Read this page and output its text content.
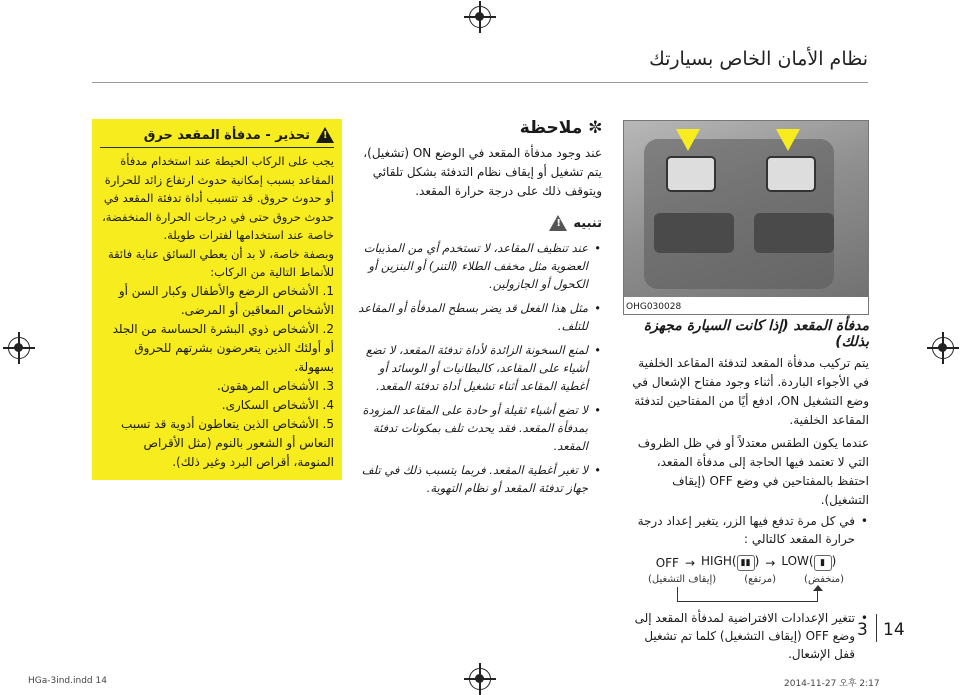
نظام الأمان الخاص بسيارتك
3 14
HGa-3ind.indd 14	2014-11-27 오후 2:17
OHG030028
مدفأة المقعد (إذا كانت السيارة مجهزة بذلك)

يتم تركيب مدفأة المقعد لتدفئة المقاعد الخلفية في الأجواء الباردة. أثناء وجود مفتاح الإشعال في وضع التشغيل ON، ادفع أيًا من المفتاحين لتدفئة المقاعد الخلفية.

عندما يكون الطقس معتدلاً أو في ظل الظروف التي لا تعتمد فيها الحاجة إلى مدفأة المقعد، احتفظ بالمفتاحين في وضع OFF (إيقاف التشغيل).

• في كل مرة تدفع فيها الزر، يتغير إعداد درجة حرارة المقعد كالتالي :
OFF → HIGH( ▮▮ ) → LOW( ▮ )
(إيقاف التشغيل)	(مرتفع)	(منخفض)
• تتغير الإعدادات الافتراضية لمدفأة المقعد إلى وضع OFF (إيقاف التشغيل) كلما تم تشغيل قفل الإشعال.
✼
ملاحظة

عند وجود مدفأة المقعد في الوضع ON (تشغيل)، يتم تشغيل أو إيقاف نظام التدفئة بشكل تلقائي ويتوقف ذلك على درجة حرارة المقعد.

تنبيه
!
• عند تنظيف المقاعد، لا تستخدم أي من المذيبات العضوية مثل مخفف الطلاء (التنر) أو البنزين أو الكحول أو الجازولين.
• مثل هذا الفعل قد يضر بسطح المدفأة أو المقاعد للتلف.
• لمنع السخونة الزائدة لأداة تدفئة المقعد، لا تضع أشياء على المقاعد، كالبطانيات أو الوسائد أو أغطية المقاعد أثناء تشغيل أداة تدفئة المقعد.
• لا تضع أشياء ثقيلة أو حادة على المقاعد المزودة بمدفأة المقعد. فقد يحدث تلف بمكونات تدفئة المقعد.
• لا تغير أغطية المقعد. فربما يتسبب ذلك في تلف جهاز تدفئة المقعد أو نظام التهوية.
!
تحذير - مدفأة المقعد حرق

يجب على الركاب الحيطة عند استخدام مدفأة المقاعد بسبب إمكانية حدوث ارتفاع زائد للحرارة أو حدوث حروق. قد تتسبب أداة تدفئة المقعد في حدوث حروق حتى في درجات الحرارة المنخفضة، خاصة عند استخدامها لفترات طويلة.

وبصفة خاصة، لا بد أن يعطي السائق عناية فائقة للأنماط التالية من الركاب:

1. الأشخاص الرضع والأطفال وكبار السن أو الأشخاص المعاقين أو المرضى.
2. الأشخاص ذوي البشرة الحساسة من الجلد أو أولئك الذين يتعرضون بشرتهم للحروق بسهولة.
3. الأشخاص المرهقون.
4. الأشخاص السكارى.
5. الأشخاص الذين يتعاطون أدوية قد تسبب النعاس أو الشعور بالنوم (مثل الأقراص المنومة، أقراص البرد وغير ذلك).
